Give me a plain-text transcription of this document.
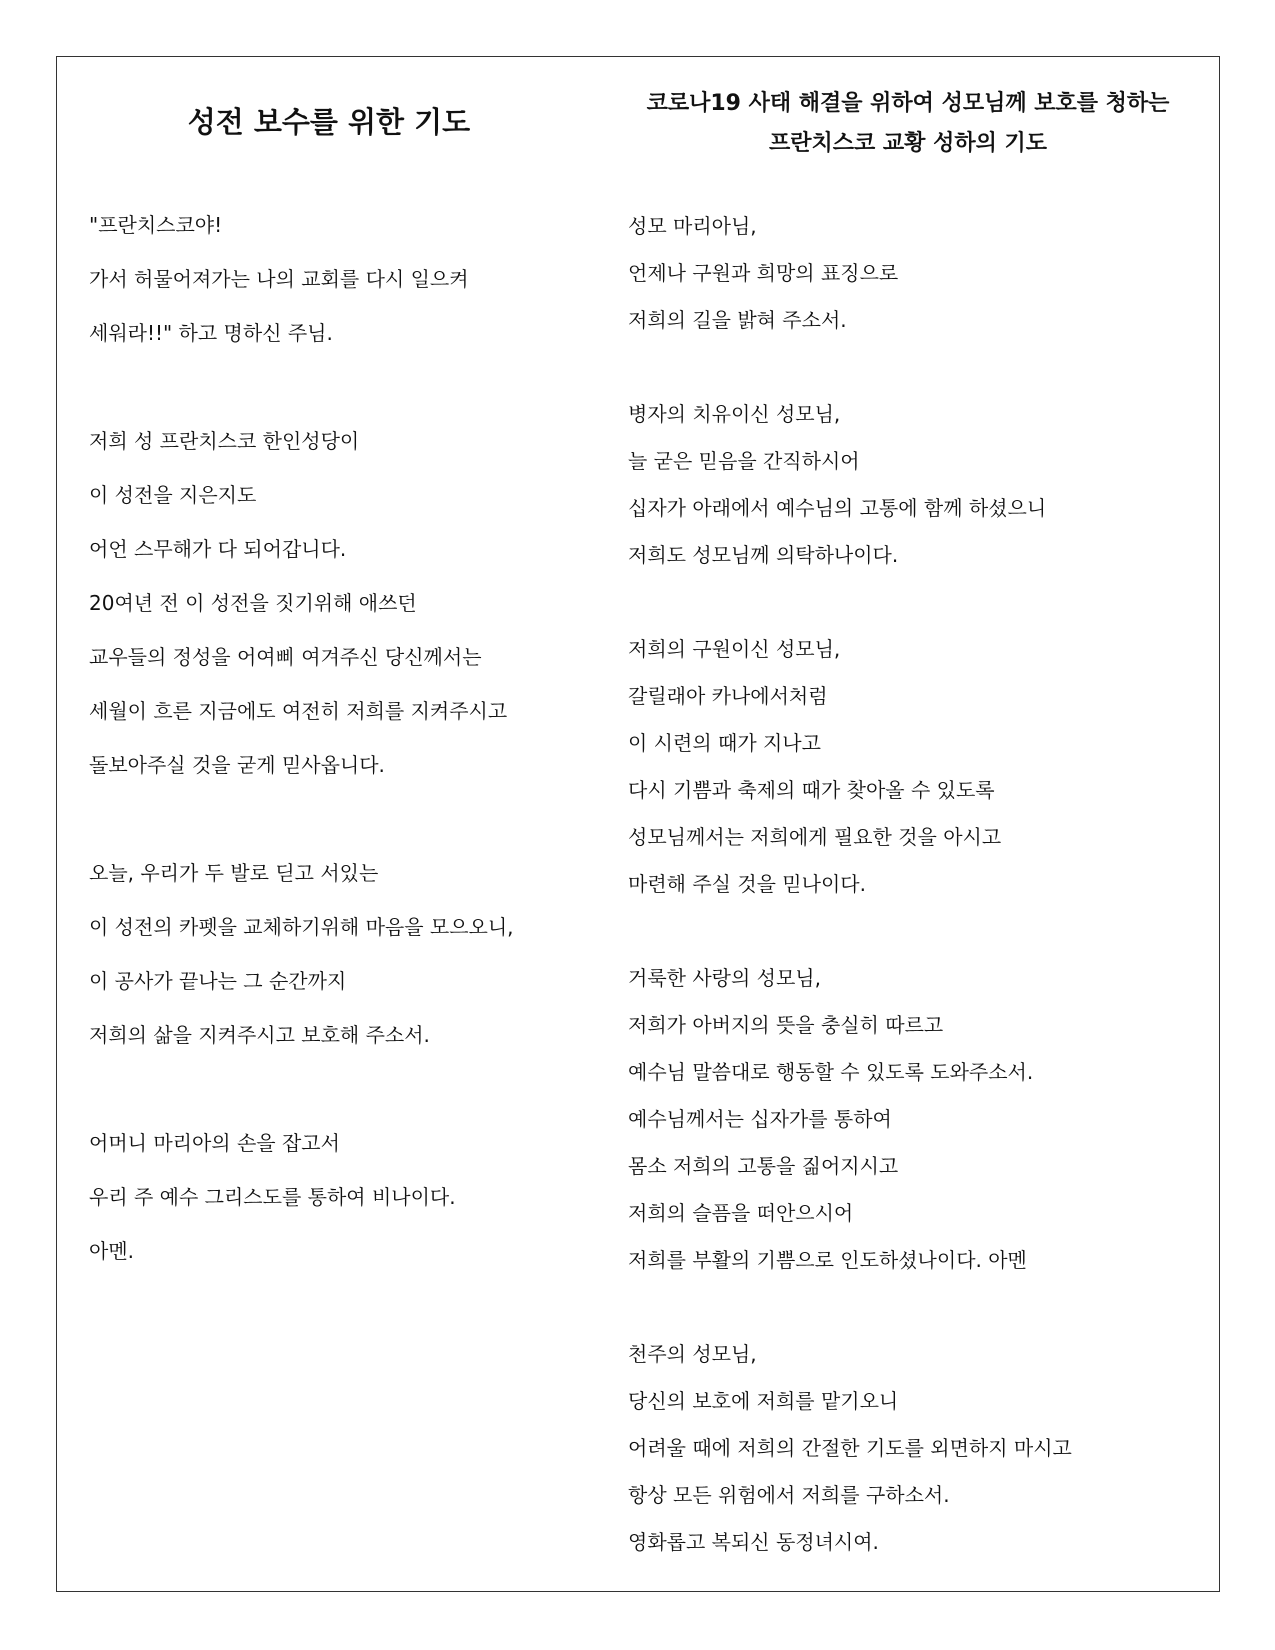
성전 보수를 위한 기도
코로나19 사태 해결을 위하여 성모님께 보호를 청하는
프란치스코 교황 성하의 기도
"프란치스코야!
가서 허물어져가는 나의 교회를 다시 일으켜
세워라!!" 하고 명하신 주님.
저희 성 프란치스코 한인성당이
이 성전을 지은지도
어언 스무해가 다 되어갑니다.
20여년 전 이 성전을 짓기위해 애쓰던
교우들의 정성을 어여삐 여겨주신 당신께서는
세월이 흐른 지금에도 여전히 저희를 지켜주시고
돌보아주실 것을 굳게 믿사옵니다.
오늘, 우리가 두 발로 딛고 서있는
이 성전의 카펫을 교체하기위해 마음을 모으오니,
이 공사가 끝나는 그 순간까지
저희의 삶을 지켜주시고 보호해 주소서.
어머니 마리아의 손을 잡고서
우리 주 예수 그리스도를 통하여 비나이다.
아멘.
성모 마리아님,
언제나 구원과 희망의 표징으로
저희의 길을 밝혀 주소서.
병자의 치유이신 성모님,
늘 굳은 믿음을 간직하시어
십자가 아래에서 예수님의 고통에 함께 하셨으니
저희도 성모님께 의탁하나이다.
저희의 구원이신 성모님,
갈릴래아 카나에서처럼
이 시련의 때가 지나고
다시 기쁨과 축제의 때가 찾아올 수 있도록
성모님께서는 저희에게 필요한 것을 아시고
마련해 주실 것을 믿나이다.
거룩한 사랑의 성모님,
저희가 아버지의 뜻을 충실히 따르고
예수님 말씀대로 행동할 수 있도록 도와주소서.
예수님께서는 십자가를 통하여
몸소 저희의 고통을 짊어지시고
저희의 슬픔을 떠안으시어
저희를 부활의 기쁨으로 인도하셨나이다. 아멘
천주의 성모님,
당신의 보호에 저희를 맡기오니
어려울 때에 저희의 간절한 기도를 외면하지 마시고
항상 모든 위험에서 저희를 구하소서.
영화롭고 복되신 동정녀시여.
